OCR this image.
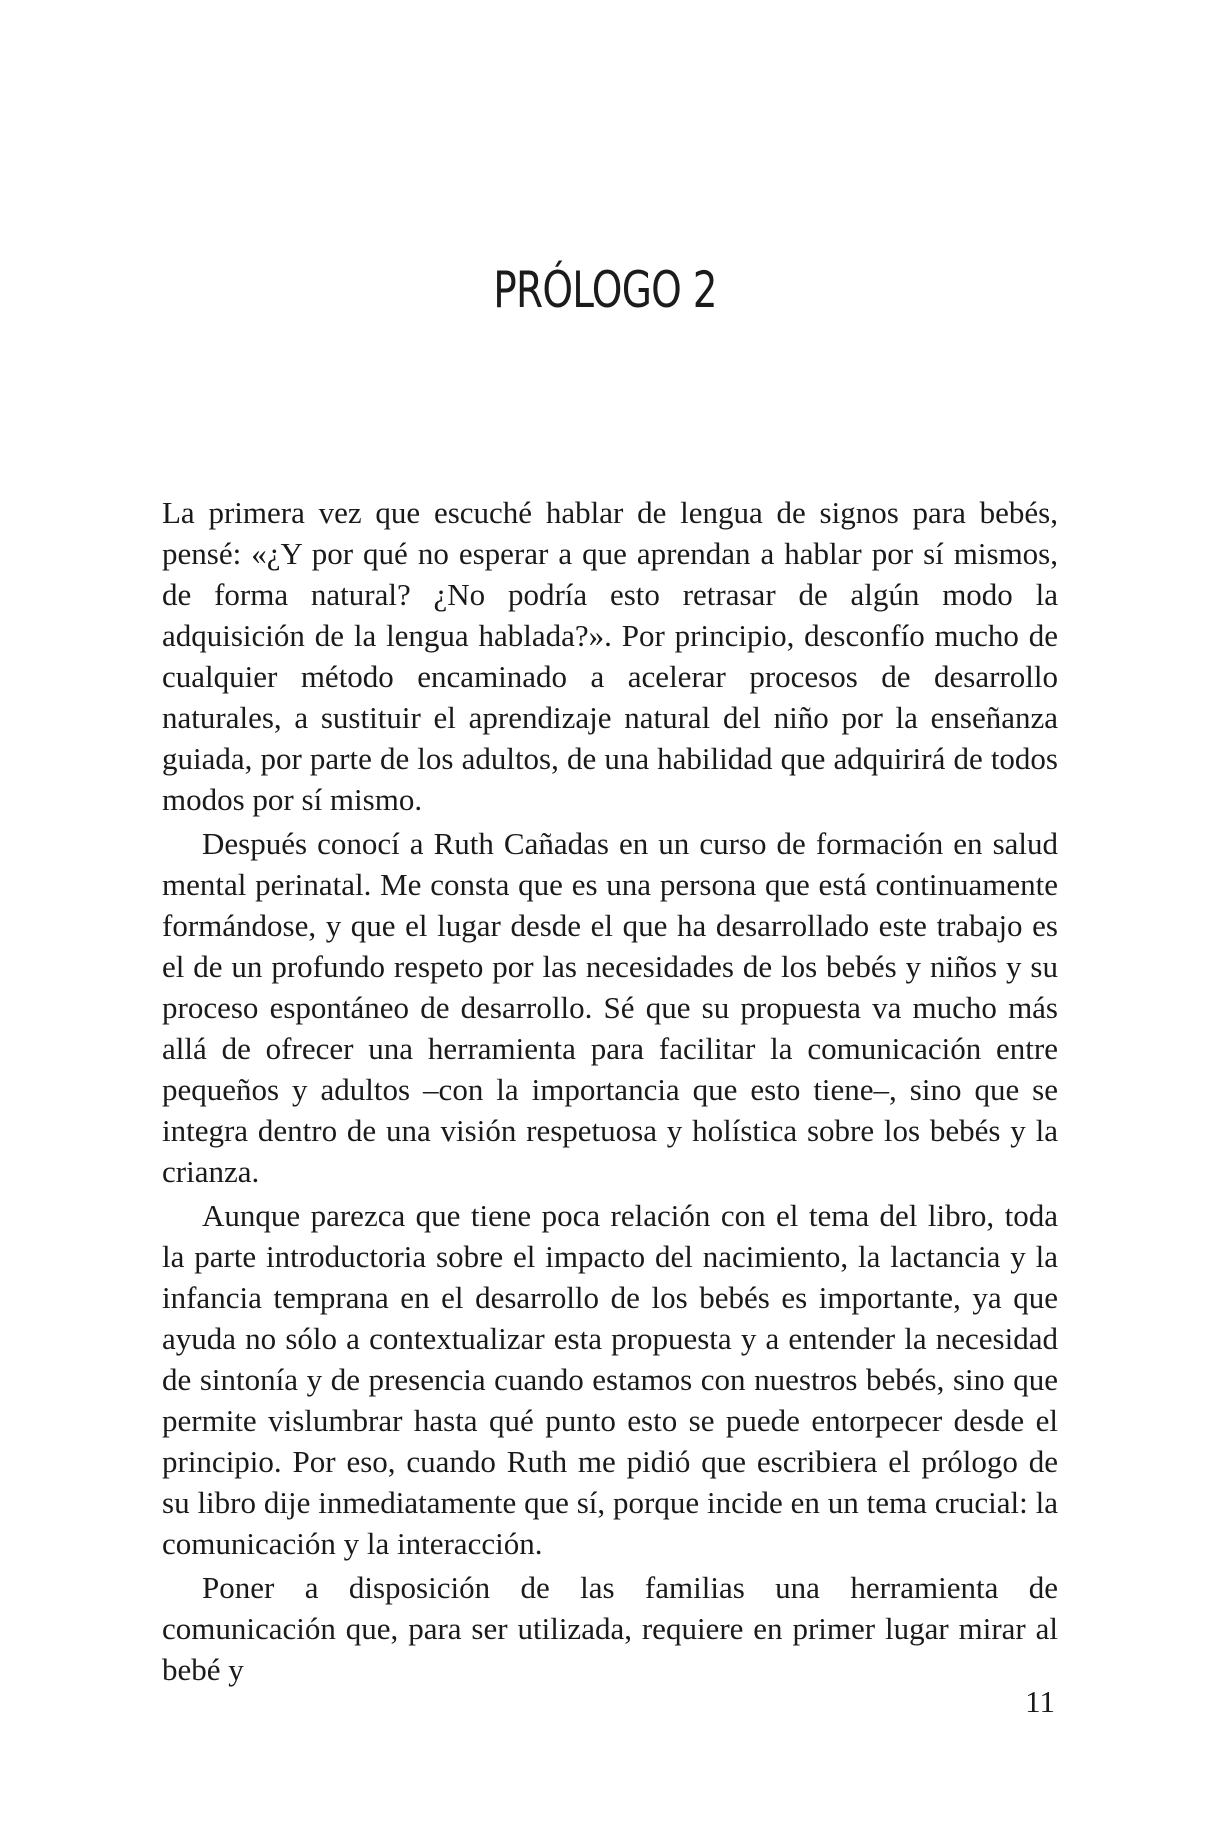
PRÓLOGO 2

La primera vez que escuché hablar de lengua de signos para bebés, pensé: «¿Y por qué no esperar a que aprendan a hablar por sí mismos, de forma natural? ¿No podría esto retrasar de algún modo la adquisición de la lengua hablada?». Por principio, desconfío mucho de cualquier método encaminado a acelerar procesos de desarrollo naturales, a sustituir el aprendizaje natural del niño por la enseñanza guiada, por parte de los adultos, de una habilidad que adquirirá de todos modos por sí mismo.

Después conocí a Ruth Cañadas en un curso de formación en salud mental perinatal. Me consta que es una persona que está continuamente formándose, y que el lugar desde el que ha desarrollado este trabajo es el de un profundo respeto por las necesidades de los bebés y niños y su proceso espontáneo de desarrollo. Sé que su propuesta va mucho más allá de ofrecer una herramienta para facilitar la comunicación entre pequeños y adultos –con la importancia que esto tiene–, sino que se integra dentro de una visión respetuosa y holística sobre los bebés y la crianza.

Aunque parezca que tiene poca relación con el tema del libro, toda la parte introductoria sobre el impacto del nacimiento, la lactancia y la infancia temprana en el desarrollo de los bebés es importante, ya que ayuda no sólo a contextualizar esta propuesta y a entender la necesidad de sintonía y de presencia cuando estamos con nuestros bebés, sino que permite vislumbrar hasta qué punto esto se puede entorpecer desde el principio. Por eso, cuando Ruth me pidió que escribiera el prólogo de su libro dije inmediatamente que sí, porque incide en un tema crucial: la comunicación y la interacción.

Poner a disposición de las familias una herramienta de comunicación que, para ser utilizada, requiere en primer lugar mirar al bebé y

11
